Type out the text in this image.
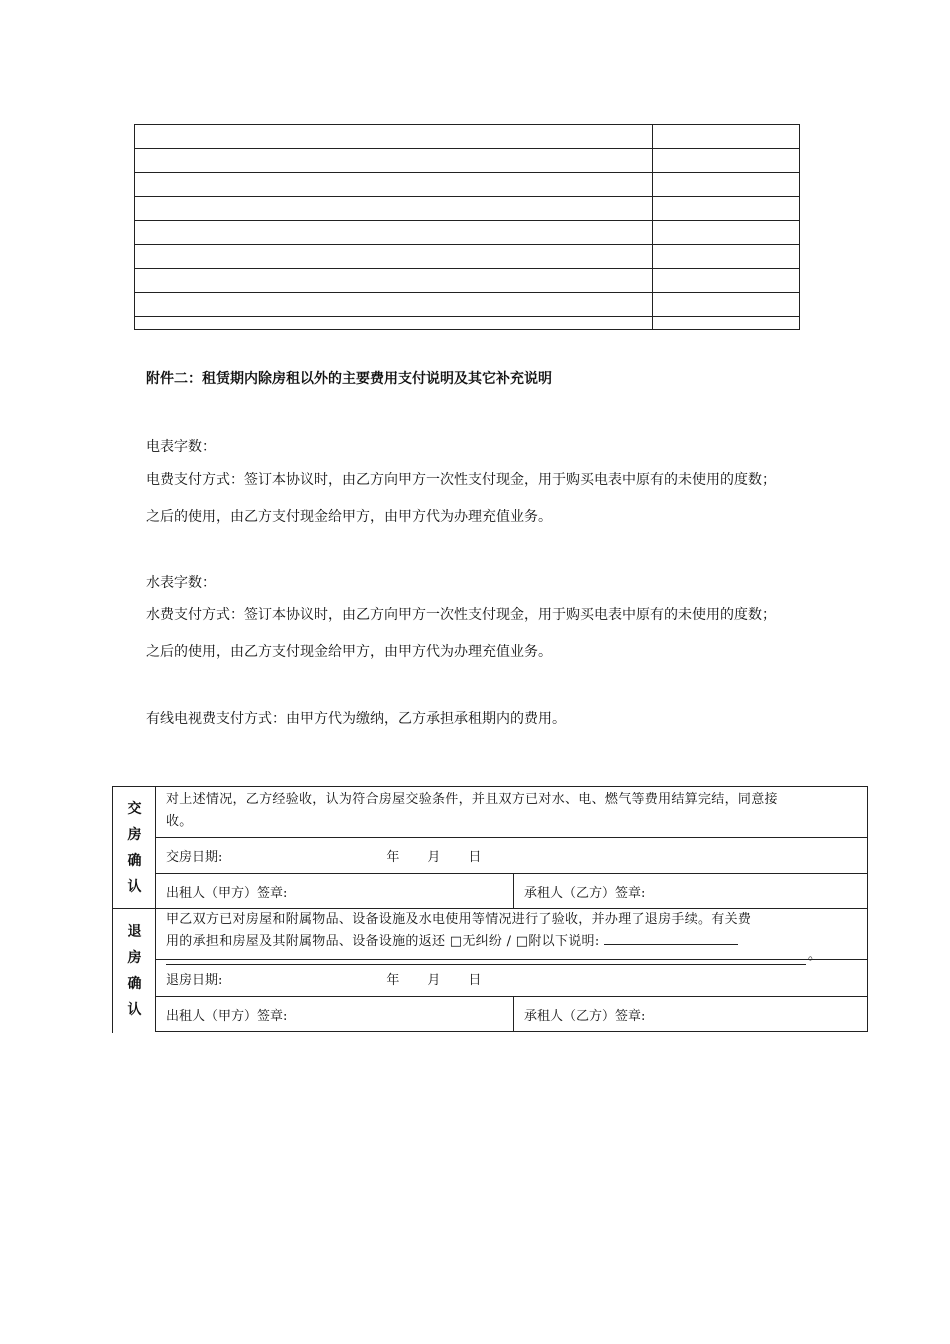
附件二：租赁期内除房租以外的主要费用支付说明及其它补充说明
电表字数：
电费支付方式：签订本协议时，由乙方向甲方一次性支付现金，用于购买电表中原有的未使用的度数；
之后的使用，由乙方支付现金给甲方，由甲方代为办理充值业务。
水表字数：
水费支付方式：签订本协议时，由乙方向甲方一次性支付现金，用于购买电表中原有的未使用的度数；
之后的使用，由乙方支付现金给甲方，由甲方代为办理充值业务。
有线电视费支付方式：由甲方代为缴纳，乙方承担承租期内的费用。
交
房
确
认
对上述情况，乙方经验收，认为符合房屋交验条件，并且双方已对水、电、燃气等费用结算完结，同意接
收。
交房日期:	年 月 日
出租人（甲方）签章:	承租人（乙方）签章:
退
房
确
认
甲乙双方已对房屋和附属物品、设备设施及水电使用等情况进行了验收，并办理了退房手续。有关费
用的承担和房屋及其附属物品、设备设施的返还 □无纠纷 / □附以下说明:
。
退房日期:	年 月 日
出租人（甲方）签章:	承租人（乙方）签章:
